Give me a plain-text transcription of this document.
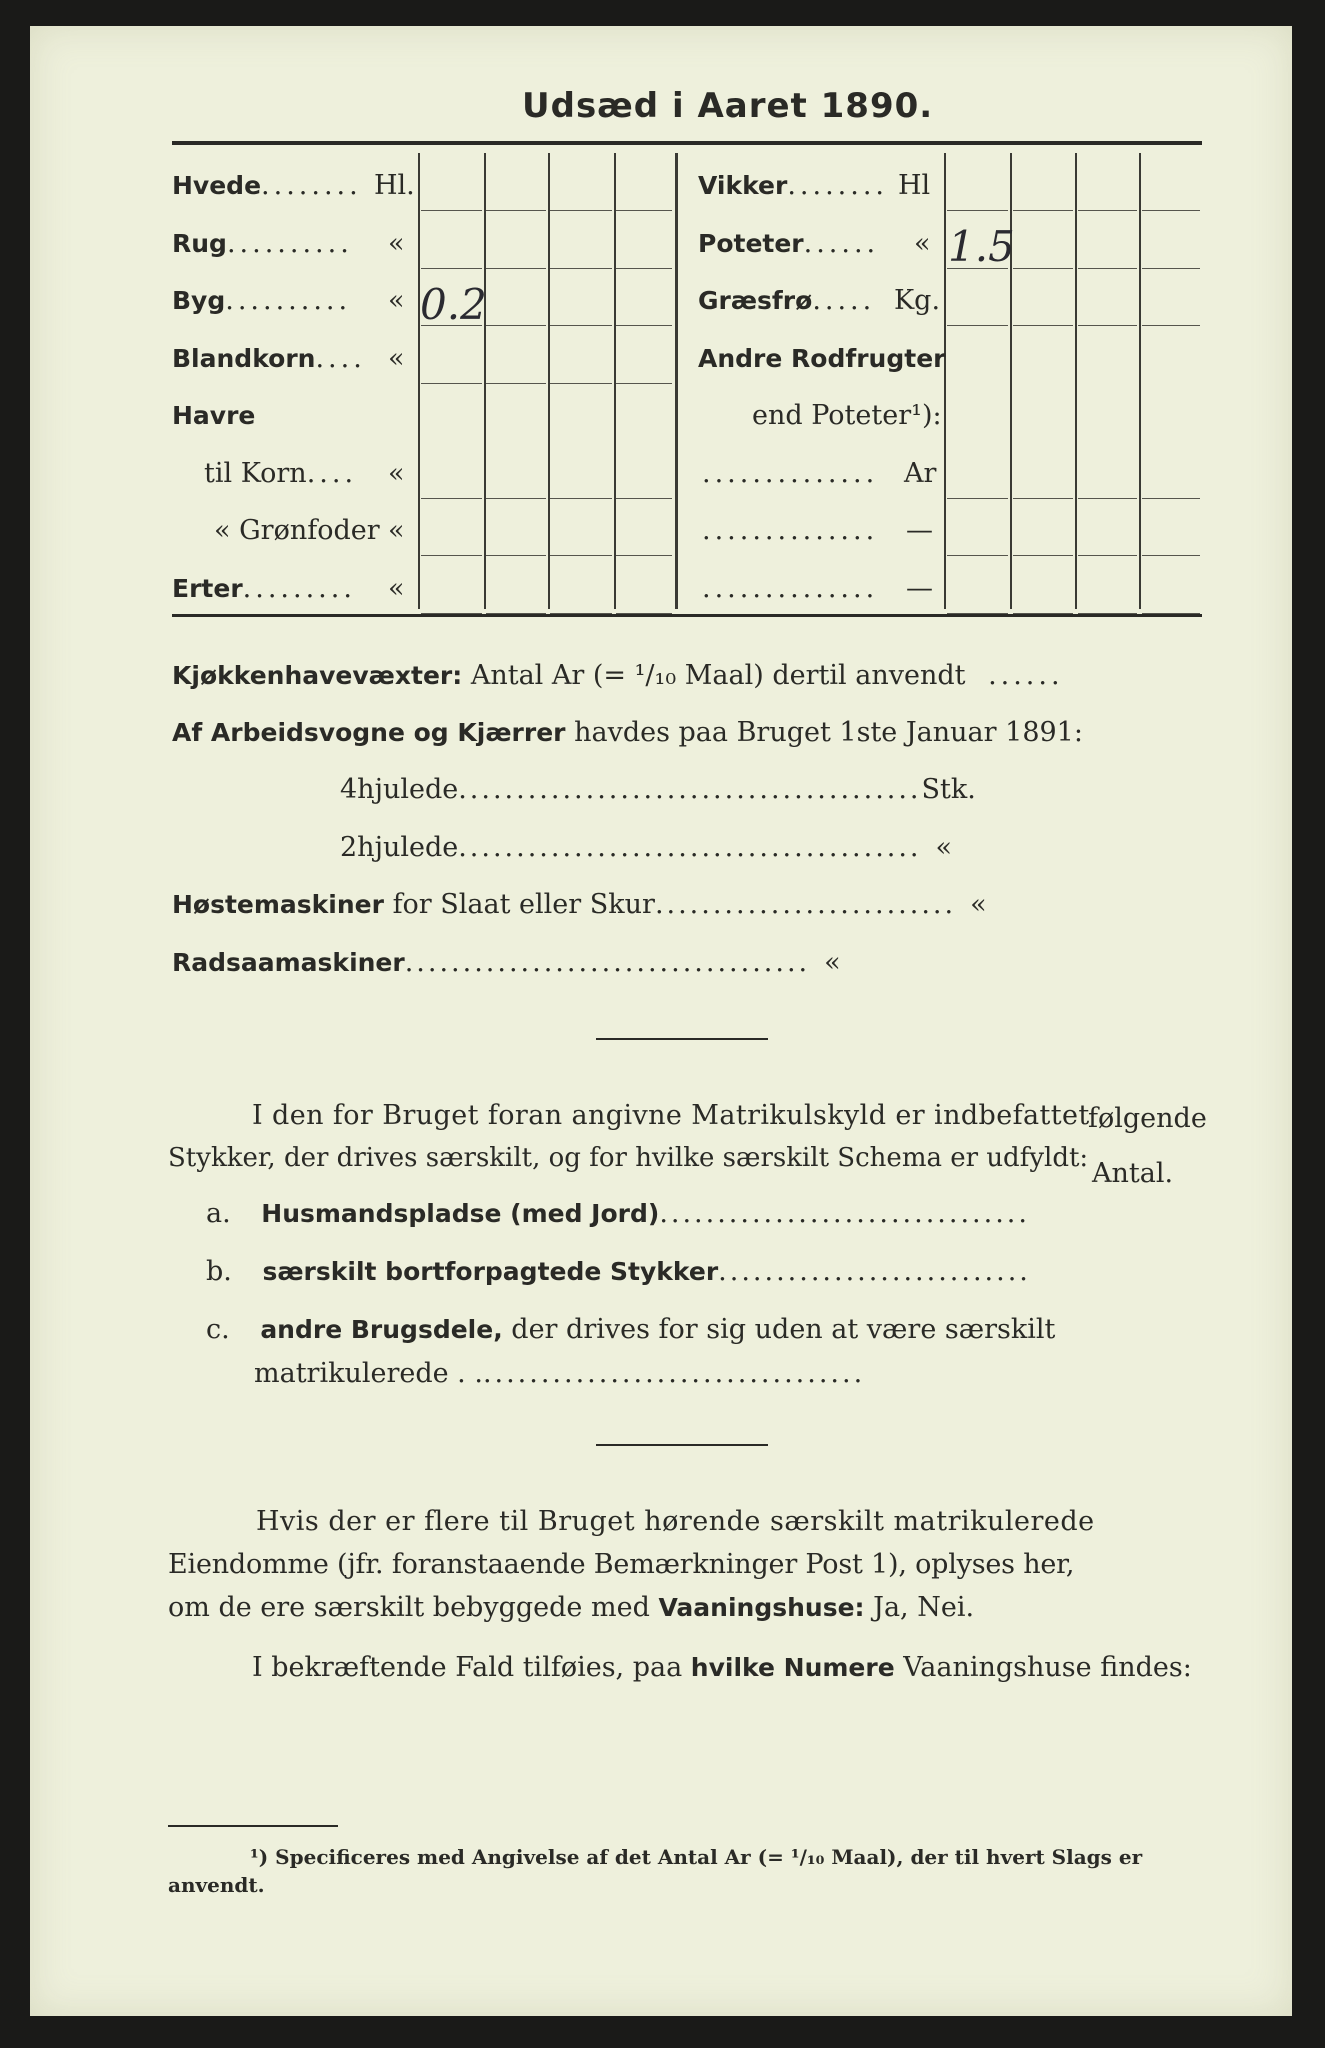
Udsæd i Aaret 1890.
Hvede........ Hl.
Rug.......... «
Byg.......... «
Blandkorn.... «
Havre
til Korn.... «
« Grønfoder «
Erter......... «
Vikker........ Hl
Poteter...... «
Græsfrø..... Kg.
Andre Rodfrugter
end Poteter¹):
.............. Ar
.............. —
.............. —
0.2
1.5
Kjøkkenhavevæxter: Antal Ar (= ¹/₁₀ Maal) dertil anvendt ......
Af Arbeidsvogne og Kjærrer havdes paa Bruget 1ste Januar 1891:
4hjulede........................................Stk.
2hjulede........................................ «
Høstemaskiner for Slaat eller Skur.......................... «
Radsaamaskiner................................... «
I den for Bruget foran angivne Matrikulskyld er indbefattet
følgende
Stykker, der drives særskilt, og for hvilke særskilt Schema er udfyldt: Antal.
a. Husmandspladse (med Jord)................................
b. særskilt bortforpagtede Stykker...........................
c. andre Brugsdele, der drives for sig uden at være særskilt
matrikulerede . ..................................
Hvis der er flere til Bruget hørende særskilt matrikulerede
Eiendomme (jfr. foranstaaende Bemærkninger Post 1), oplyses her,
om de ere særskilt bebyggede med Vaaningshuse: Ja, Nei.
I bekræftende Fald tilføies, paa hvilke Numere Vaaningshuse findes:
¹) Specificeres med Angivelse af det Antal Ar (= ¹/₁₀ Maal), der til hvert Slags er
anvendt.
